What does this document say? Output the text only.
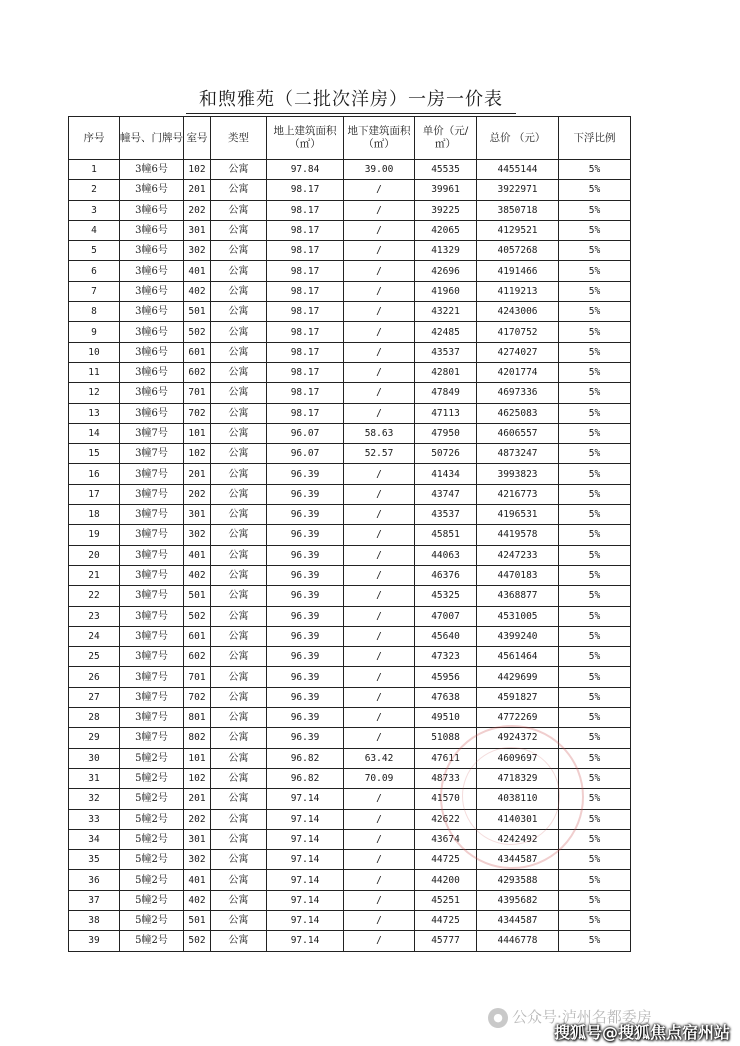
和煦雅苑（二批次洋房）一房一价表
序号	幢号、门牌号	室号	类型	地上建筑面积（㎡）	地下建筑面积（㎡）	单价（元/㎡）	总价 （元）	下浮比例
1	3幢6号	102	公寓	97.84	39.00	45535	4455144	5%
2	3幢6号	201	公寓	98.17	/	39961	3922971	5%
3	3幢6号	202	公寓	98.17	/	39225	3850718	5%
4	3幢6号	301	公寓	98.17	/	42065	4129521	5%
5	3幢6号	302	公寓	98.17	/	41329	4057268	5%
6	3幢6号	401	公寓	98.17	/	42696	4191466	5%
7	3幢6号	402	公寓	98.17	/	41960	4119213	5%
8	3幢6号	501	公寓	98.17	/	43221	4243006	5%
9	3幢6号	502	公寓	98.17	/	42485	4170752	5%
10	3幢6号	601	公寓	98.17	/	43537	4274027	5%
11	3幢6号	602	公寓	98.17	/	42801	4201774	5%
12	3幢6号	701	公寓	98.17	/	47849	4697336	5%
13	3幢6号	702	公寓	98.17	/	47113	4625083	5%
14	3幢7号	101	公寓	96.07	58.63	47950	4606557	5%
15	3幢7号	102	公寓	96.07	52.57	50726	4873247	5%
16	3幢7号	201	公寓	96.39	/	41434	3993823	5%
17	3幢7号	202	公寓	96.39	/	43747	4216773	5%
18	3幢7号	301	公寓	96.39	/	43537	4196531	5%
19	3幢7号	302	公寓	96.39	/	45851	4419578	5%
20	3幢7号	401	公寓	96.39	/	44063	4247233	5%
21	3幢7号	402	公寓	96.39	/	46376	4470183	5%
22	3幢7号	501	公寓	96.39	/	45325	4368877	5%
23	3幢7号	502	公寓	96.39	/	47007	4531005	5%
24	3幢7号	601	公寓	96.39	/	45640	4399240	5%
25	3幢7号	602	公寓	96.39	/	47323	4561464	5%
26	3幢7号	701	公寓	96.39	/	45956	4429699	5%
27	3幢7号	702	公寓	96.39	/	47638	4591827	5%
28	3幢7号	801	公寓	96.39	/	49510	4772269	5%
29	3幢7号	802	公寓	96.39	/	51088	4924372	5%
30	5幢2号	101	公寓	96.82	63.42	47611	4609697	5%
31	5幢2号	102	公寓	96.82	70.09	48733	4718329	5%
32	5幢2号	201	公寓	97.14	/	41570	4038110	5%
33	5幢2号	202	公寓	97.14	/	42622	4140301	5%
34	5幢2号	301	公寓	97.14	/	43674	4242492	5%
35	5幢2号	302	公寓	97.14	/	44725	4344587	5%
36	5幢2号	401	公寓	97.14	/	44200	4293588	5%
37	5幢2号	402	公寓	97.14	/	45251	4395682	5%
38	5幢2号	501	公寓	97.14	/	44725	4344587	5%
39	5幢2号	502	公寓	97.14	/	45777	4446778	5%
● 公众号·泸州名都委房
搜狐号@搜狐焦点宿州站
